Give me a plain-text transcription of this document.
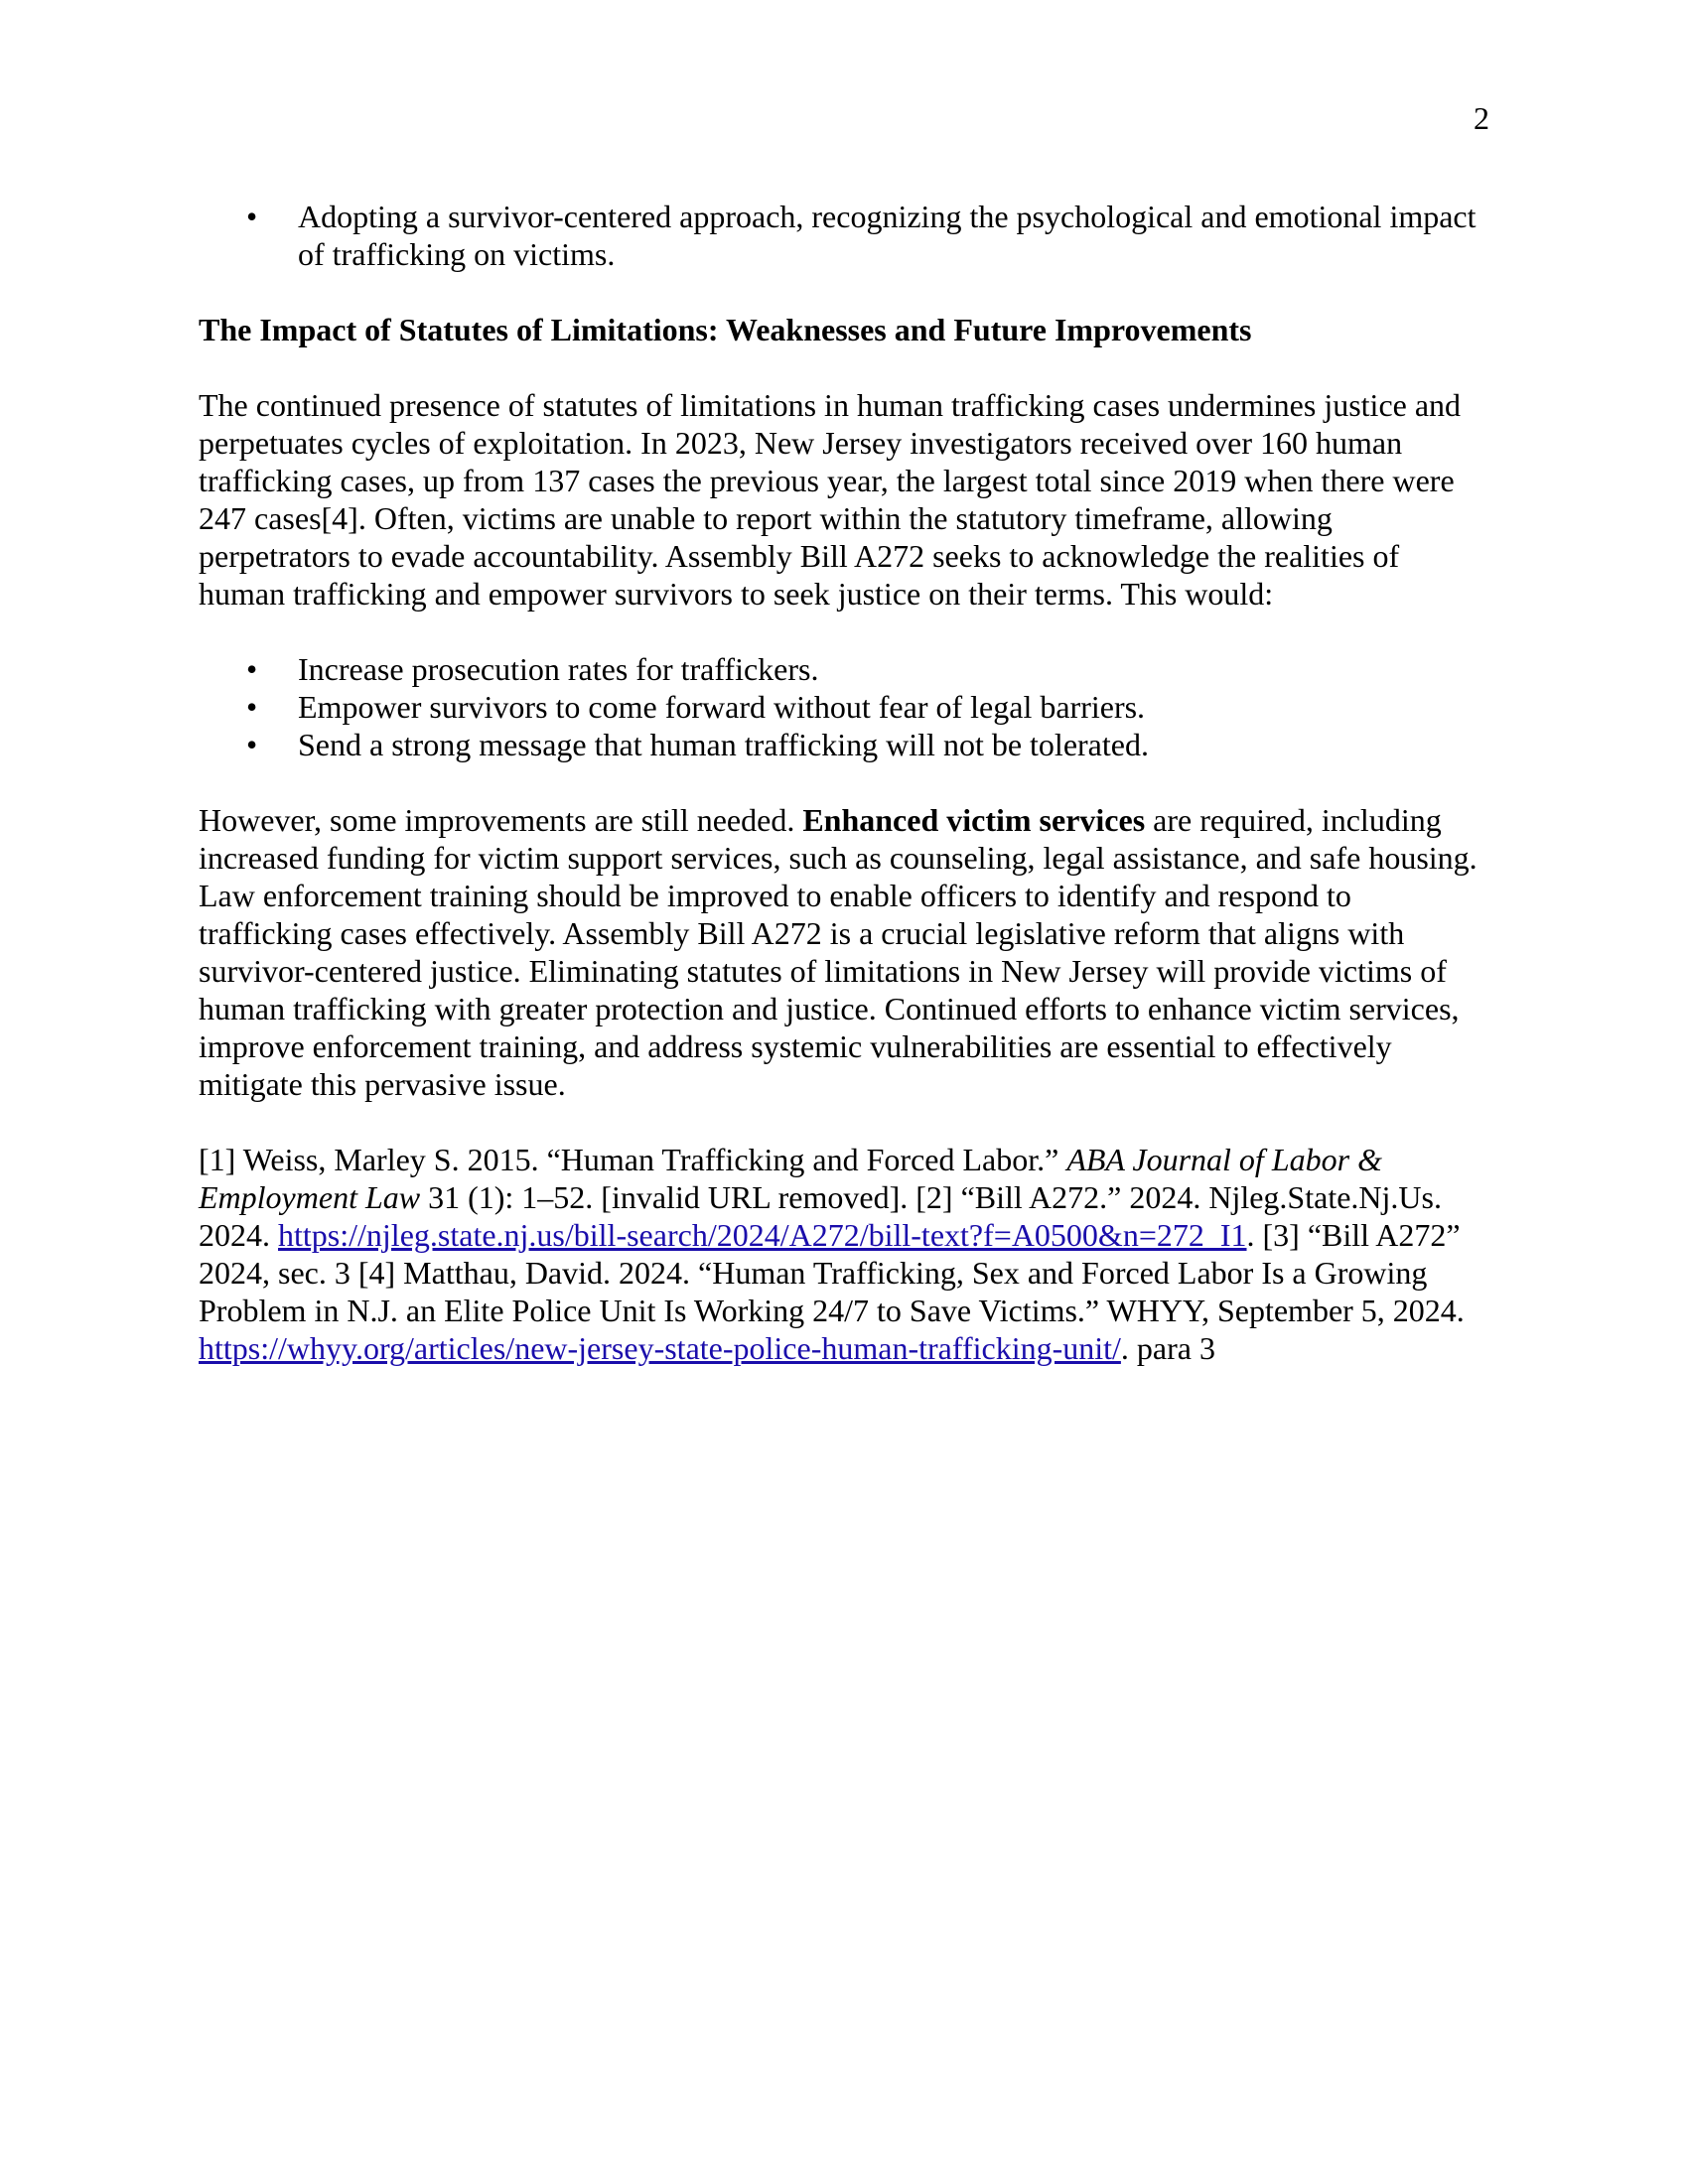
2
• Adopting a survivor-centered approach, recognizing the psychological and emotional impact of trafficking on victims.
The Impact of Statutes of Limitations: Weaknesses and Future Improvements

The continued presence of statutes of limitations in human trafficking cases undermines justice and perpetuates cycles of exploitation. In 2023, New Jersey investigators received over 160 human trafficking cases, up from 137 cases the previous year, the largest total since 2019 when there were 247 cases[4]. Often, victims are unable to report within the statutory timeframe, allowing perpetrators to evade accountability. Assembly Bill A272 seeks to acknowledge the realities of human trafficking and empower survivors to seek justice on their terms. This would:

• Increase prosecution rates for traffickers.
• Empower survivors to come forward without fear of legal barriers.
• Send a strong message that human trafficking will not be tolerated.

However, some improvements are still needed. Enhanced victim services are required, including increased funding for victim support services, such as counseling, legal assistance, and safe housing. Law enforcement training should be improved to enable officers to identify and respond to trafficking cases effectively. Assembly Bill A272 is a crucial legislative reform that aligns with survivor-centered justice. Eliminating statutes of limitations in New Jersey will provide victims of human trafficking with greater protection and justice. Continued efforts to enhance victim services, improve enforcement training, and address systemic vulnerabilities are essential to effectively mitigate this pervasive issue.

[1] Weiss, Marley S. 2015. “Human Trafficking and Forced Labor.” ABA Journal of Labor & Employment Law 31 (1): 1–52. [invalid URL removed]. [2] “Bill A272.” 2024. Njleg.State.Nj.Us. 2024. https://njleg.state.nj.us/bill-search/2024/A272/bill-text?f=A0500&n=272_I1. [3] “Bill A272” 2024, sec. 3 [4] Matthau, David. 2024. “Human Trafficking, Sex and Forced Labor Is a Growing Problem in N.J. an Elite Police Unit Is Working 24/7 to Save Victims.” WHYY, September 5, 2024. https://whyy.org/articles/new-jersey-state-police-human-trafficking-unit/. para 3
